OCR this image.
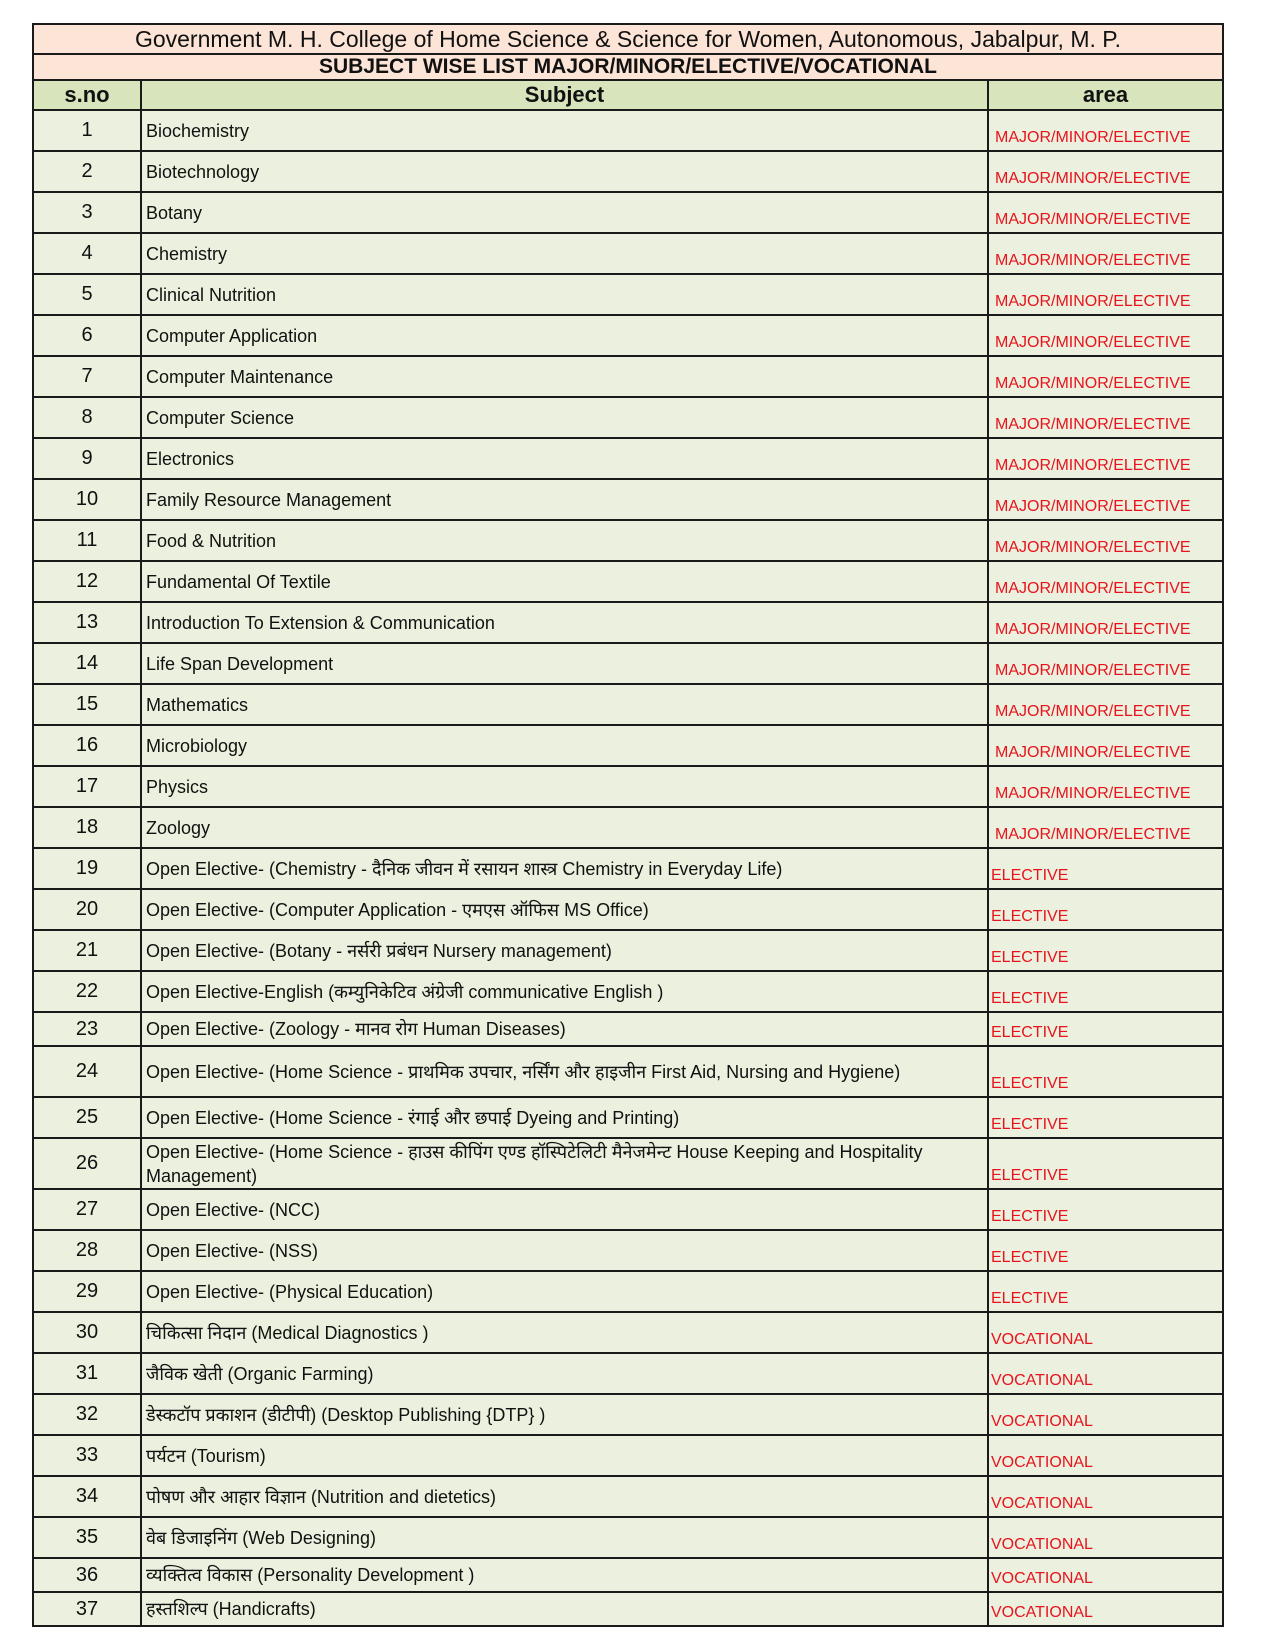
Government M. H. College of Home Science & Science for Women, Autonomous, Jabalpur, M. P.		
SUBJECT WISE LIST MAJOR/MINOR/ELECTIVE/VOCATIONAL		
s.no	Subject	area
1	Biochemistry	MAJOR/MINOR/ELECTIVE
2	Biotechnology	MAJOR/MINOR/ELECTIVE
3	Botany	MAJOR/MINOR/ELECTIVE
4	Chemistry	MAJOR/MINOR/ELECTIVE
5	Clinical Nutrition	MAJOR/MINOR/ELECTIVE
6	Computer Application	MAJOR/MINOR/ELECTIVE
7	Computer Maintenance	MAJOR/MINOR/ELECTIVE
8	Computer Science	MAJOR/MINOR/ELECTIVE
9	Electronics	MAJOR/MINOR/ELECTIVE
10	Family Resource Management	MAJOR/MINOR/ELECTIVE
11	Food & Nutrition	MAJOR/MINOR/ELECTIVE
12	Fundamental Of Textile	MAJOR/MINOR/ELECTIVE
13	Introduction To Extension & Communication	MAJOR/MINOR/ELECTIVE
14	Life Span Development	MAJOR/MINOR/ELECTIVE
15	Mathematics	MAJOR/MINOR/ELECTIVE
16	Microbiology	MAJOR/MINOR/ELECTIVE
17	Physics	MAJOR/MINOR/ELECTIVE
18	Zoology	MAJOR/MINOR/ELECTIVE
19	Open Elective- (Chemistry - दैनिक जीवन में रसायन शास्त्र Chemistry in Everyday Life)	ELECTIVE
20	Open Elective- (Computer Application - एमएस ऑफिस MS Office)	ELECTIVE
21	Open Elective- (Botany - नर्सरी प्रबंधन Nursery management)	ELECTIVE
22	Open Elective-English (कम्युनिकेटिव अंग्रेजी communicative English )	ELECTIVE
23	Open Elective- (Zoology - मानव रोग Human Diseases)	ELECTIVE
24	Open Elective- (Home Science - प्राथमिक उपचार, नर्सिंग और हाइजीन First Aid, Nursing and Hygiene)	ELECTIVE
25	Open Elective- (Home Science - रंगाई और छपाई Dyeing and Printing)	ELECTIVE
26	Open Elective- (Home Science - हाउस कीपिंग एण्ड हॉस्पिटेलिटी मैनेजमेन्ट House Keeping and Hospitality Management)	ELECTIVE
27	Open Elective- (NCC)	ELECTIVE
28	Open Elective- (NSS)	ELECTIVE
29	Open Elective- (Physical Education)	ELECTIVE
30	चिकित्सा निदान (Medical Diagnostics )	VOCATIONAL
31	जैविक खेती (Organic Farming)	VOCATIONAL
32	डेस्कटॉप प्रकाशन (डीटीपी) (Desktop Publishing {DTP} )	VOCATIONAL
33	पर्यटन (Tourism)	VOCATIONAL
34	पोषण और आहार विज्ञान (Nutrition and dietetics)	VOCATIONAL
35	वेब डिजाइनिंग (Web Designing)	VOCATIONAL
36	व्यक्तित्व विकास (Personality Development )	VOCATIONAL
37	हस्तशिल्प (Handicrafts)	VOCATIONAL
